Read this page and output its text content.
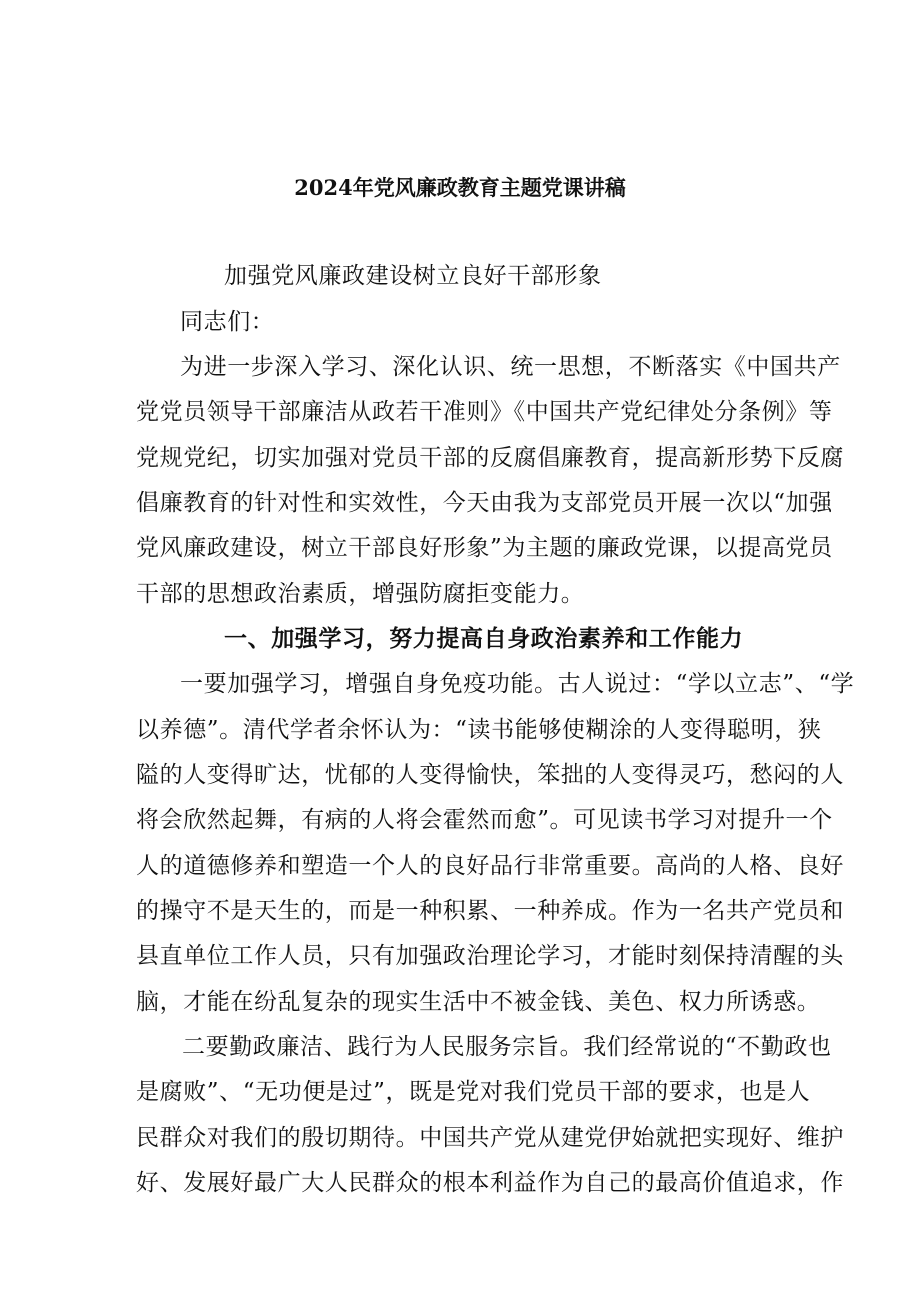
2024年党风廉政教育主题党课讲稿
加强党风廉政建设树立良好干部形象
同志们：
为进一步深入学习、深化认识、统一思想，不断落实《中国共产
党党员领导干部廉洁从政若干准则》《中国共产党纪律处分条例》等
党规党纪，切实加强对党员干部的反腐倡廉教育，提高新形势下反腐
倡廉教育的针对性和实效性，今天由我为支部党员开展一次以“加强
党风廉政建设，树立干部良好形象”为主题的廉政党课，以提高党员
干部的思想政治素质，增强防腐拒变能力。
一、加强学习，努力提高自身政治素养和工作能力
一要加强学习，增强自身免疫功能。古人说过：“学以立志”、“学
以养德”。清代学者余怀认为：“读书能够使糊涂的人变得聪明，狭
隘的人变得旷达，忧郁的人变得愉快，笨拙的人变得灵巧，愁闷的人
将会欣然起舞，有病的人将会霍然而愈”。可见读书学习对提升一个
人的道德修养和塑造一个人的良好品行非常重要。高尚的人格、良好
的操守不是天生的，而是一种积累、一种养成。作为一名共产党员和
县直单位工作人员，只有加强政治理论学习，才能时刻保持清醒的头
脑，才能在纷乱复杂的现实生活中不被金钱、美色、权力所诱惑。
二要勤政廉洁、践行为人民服务宗旨。我们经常说的“不勤政也
是腐败”、“无功便是过”，既是党对我们党员干部的要求，也是人
民群众对我们的殷切期待。中国共产党从建党伊始就把实现好、维护
好、发展好最广大人民群众的根本利益作为自己的最高价值追求，作
